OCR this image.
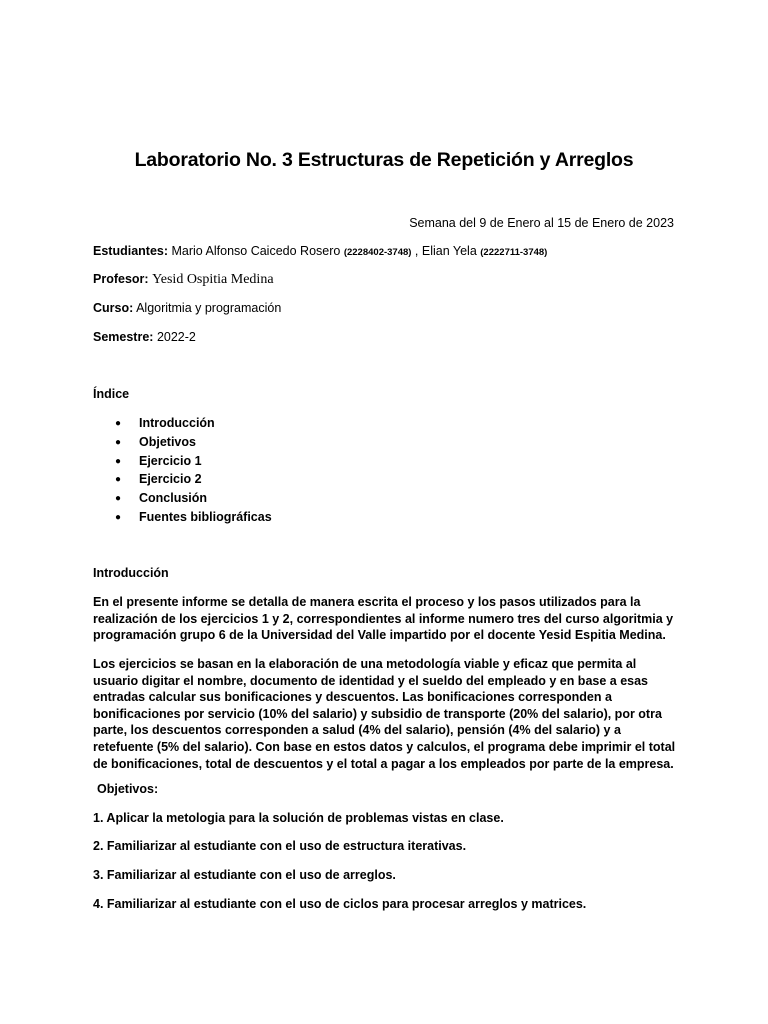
Laboratorio No. 3 Estructuras de Repetición y Arreglos
Semana del 9 de Enero al 15 de Enero de 2023
Estudiantes: Mario Alfonso Caicedo Rosero (2228402-3748) , Elian Yela (2222711-3748)
Profesor: Yesid Ospitia Medina
Curso: Algoritmia y programación
Semestre: 2022-2
Índice
● Introducción
● Objetivos
● Ejercicio 1
● Ejercicio 2
● Conclusión
● Fuentes bibliográficas
Introducción
En el presente informe se detalla de manera escrita el proceso y los pasos utilizados para la realización de los ejercicios 1 y 2, correspondientes al informe numero tres del curso algoritmia y programación grupo 6 de la Universidad del Valle impartido por el docente Yesid Espitia Medina.
Los ejercicios se basan en la elaboración de una metodología viable y eficaz que permita al usuario digitar el nombre, documento de identidad y el sueldo del empleado y en base a esas entradas calcular sus bonificaciones y descuentos. Las bonificaciones corresponden a bonificaciones por servicio (10% del salario) y subsidio de transporte (20% del salario), por otra parte, los descuentos corresponden a salud (4% del salario), pensión (4% del salario) y a retefuente (5% del salario). Con base en estos datos y calculos, el programa debe imprimir el total de bonificaciones, total de descuentos y el total a pagar a los empleados por parte de la empresa.
Objetivos:
1. Aplicar la metologia para la solución de problemas vistas en clase.
2. Familiarizar al estudiante con el uso de estructura iterativas.
3. Familiarizar al estudiante con el uso de arreglos.
4. Familiarizar al estudiante con el uso de ciclos para procesar arreglos y matrices.
